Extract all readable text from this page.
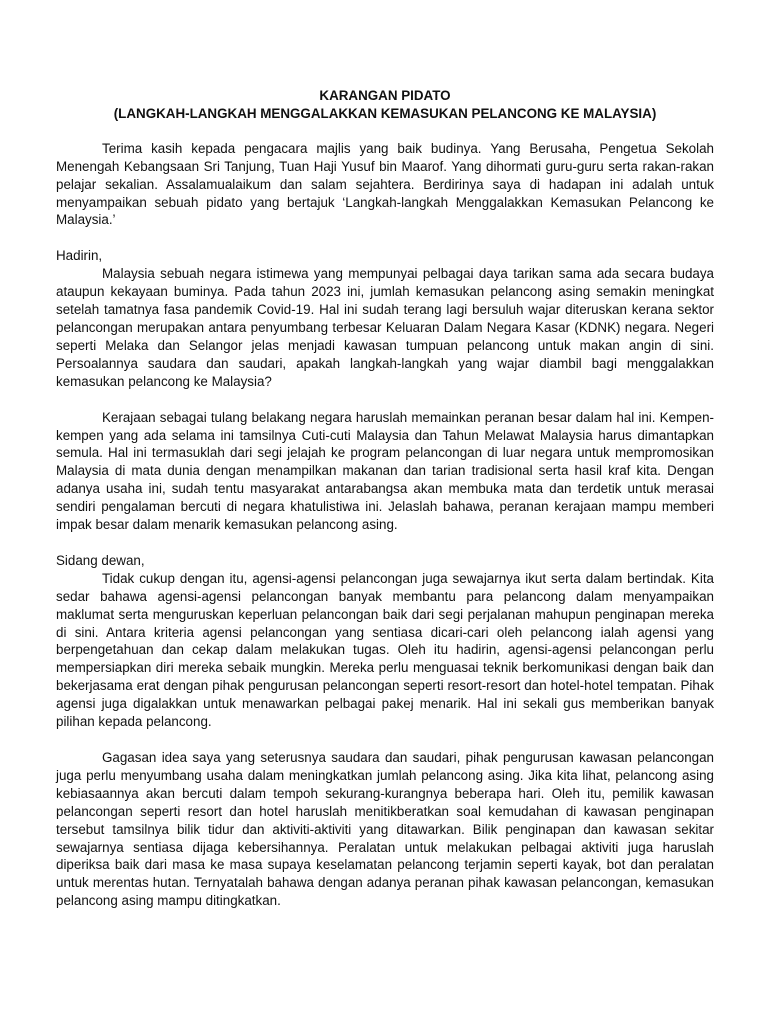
KARANGAN PIDATO
(LANGKAH-LANGKAH MENGGALAKKAN KEMASUKAN PELANCONG KE MALAYSIA)

Terima kasih kepada pengacara majlis yang baik budinya. Yang Berusaha, Pengetua Sekolah Menengah Kebangsaan Sri Tanjung, Tuan Haji Yusuf bin Maarof. Yang dihormati guru-guru serta rakan-rakan pelajar sekalian. Assalamualaikum dan salam sejahtera. Berdirinya saya di hadapan ini adalah untuk menyampaikan sebuah pidato yang bertajuk ‘Langkah-langkah Menggalakkan Kemasukan Pelancong ke Malaysia.’

Hadirin,

Malaysia sebuah negara istimewa yang mempunyai pelbagai daya tarikan sama ada secara budaya ataupun kekayaan buminya. Pada tahun 2023 ini, jumlah kemasukan pelancong asing semakin meningkat setelah tamatnya fasa pandemik Covid-19. Hal ini sudah terang lagi bersuluh wajar diteruskan kerana sektor pelancongan merupakan antara penyumbang terbesar Keluaran Dalam Negara Kasar (KDNK) negara. Negeri seperti Melaka dan Selangor jelas menjadi kawasan tumpuan pelancong untuk makan angin di sini. Persoalannya saudara dan saudari, apakah langkah-langkah yang wajar diambil bagi menggalakkan kemasukan pelancong ke Malaysia?

Kerajaan sebagai tulang belakang negara haruslah memainkan peranan besar dalam hal ini. Kempen-kempen yang ada selama ini tamsilnya Cuti-cuti Malaysia dan Tahun Melawat Malaysia harus dimantapkan semula. Hal ini termasuklah dari segi jelajah ke program pelancongan di luar negara untuk mempromosikan Malaysia di mata dunia dengan menampilkan makanan dan tarian tradisional serta hasil kraf kita. Dengan adanya usaha ini, sudah tentu masyarakat antarabangsa akan membuka mata dan terdetik untuk merasai sendiri pengalaman bercuti di negara khatulistiwa ini. Jelaslah bahawa, peranan kerajaan mampu memberi impak besar dalam menarik kemasukan pelancong asing.

Sidang dewan,

Tidak cukup dengan itu, agensi-agensi pelancongan juga sewajarnya ikut serta dalam bertindak. Kita sedar bahawa agensi-agensi pelancongan banyak membantu para pelancong dalam menyampaikan maklumat serta menguruskan keperluan pelancongan baik dari segi perjalanan mahupun penginapan mereka di sini. Antara kriteria agensi pelancongan yang sentiasa dicari-cari oleh pelancong ialah agensi yang berpengetahuan dan cekap dalam melakukan tugas. Oleh itu hadirin, agensi-agensi pelancongan perlu mempersiapkan diri mereka sebaik mungkin. Mereka perlu menguasai teknik berkomunikasi dengan baik dan bekerjasama erat dengan pihak pengurusan pelancongan seperti resort-resort dan hotel-hotel tempatan. Pihak agensi juga digalakkan untuk menawarkan pelbagai pakej menarik. Hal ini sekali gus memberikan banyak pilihan kepada pelancong.

Gagasan idea saya yang seterusnya saudara dan saudari, pihak pengurusan kawasan pelancongan juga perlu menyumbang usaha dalam meningkatkan jumlah pelancong asing. Jika kita lihat, pelancong asing kebiasaannya akan bercuti dalam tempoh sekurang-kurangnya beberapa hari. Oleh itu, pemilik kawasan pelancongan seperti resort dan hotel haruslah menitikberatkan soal kemudahan di kawasan penginapan tersebut tamsilnya bilik tidur dan aktiviti-aktiviti yang ditawarkan. Bilik penginapan dan kawasan sekitar sewajarnya sentiasa dijaga kebersihannya. Peralatan untuk melakukan pelbagai aktiviti juga haruslah diperiksa baik dari masa ke masa supaya keselamatan pelancong terjamin seperti kayak, bot dan peralatan untuk merentas hutan. Ternyatalah bahawa dengan adanya peranan pihak kawasan pelancongan, kemasukan pelancong asing mampu ditingkatkan.
